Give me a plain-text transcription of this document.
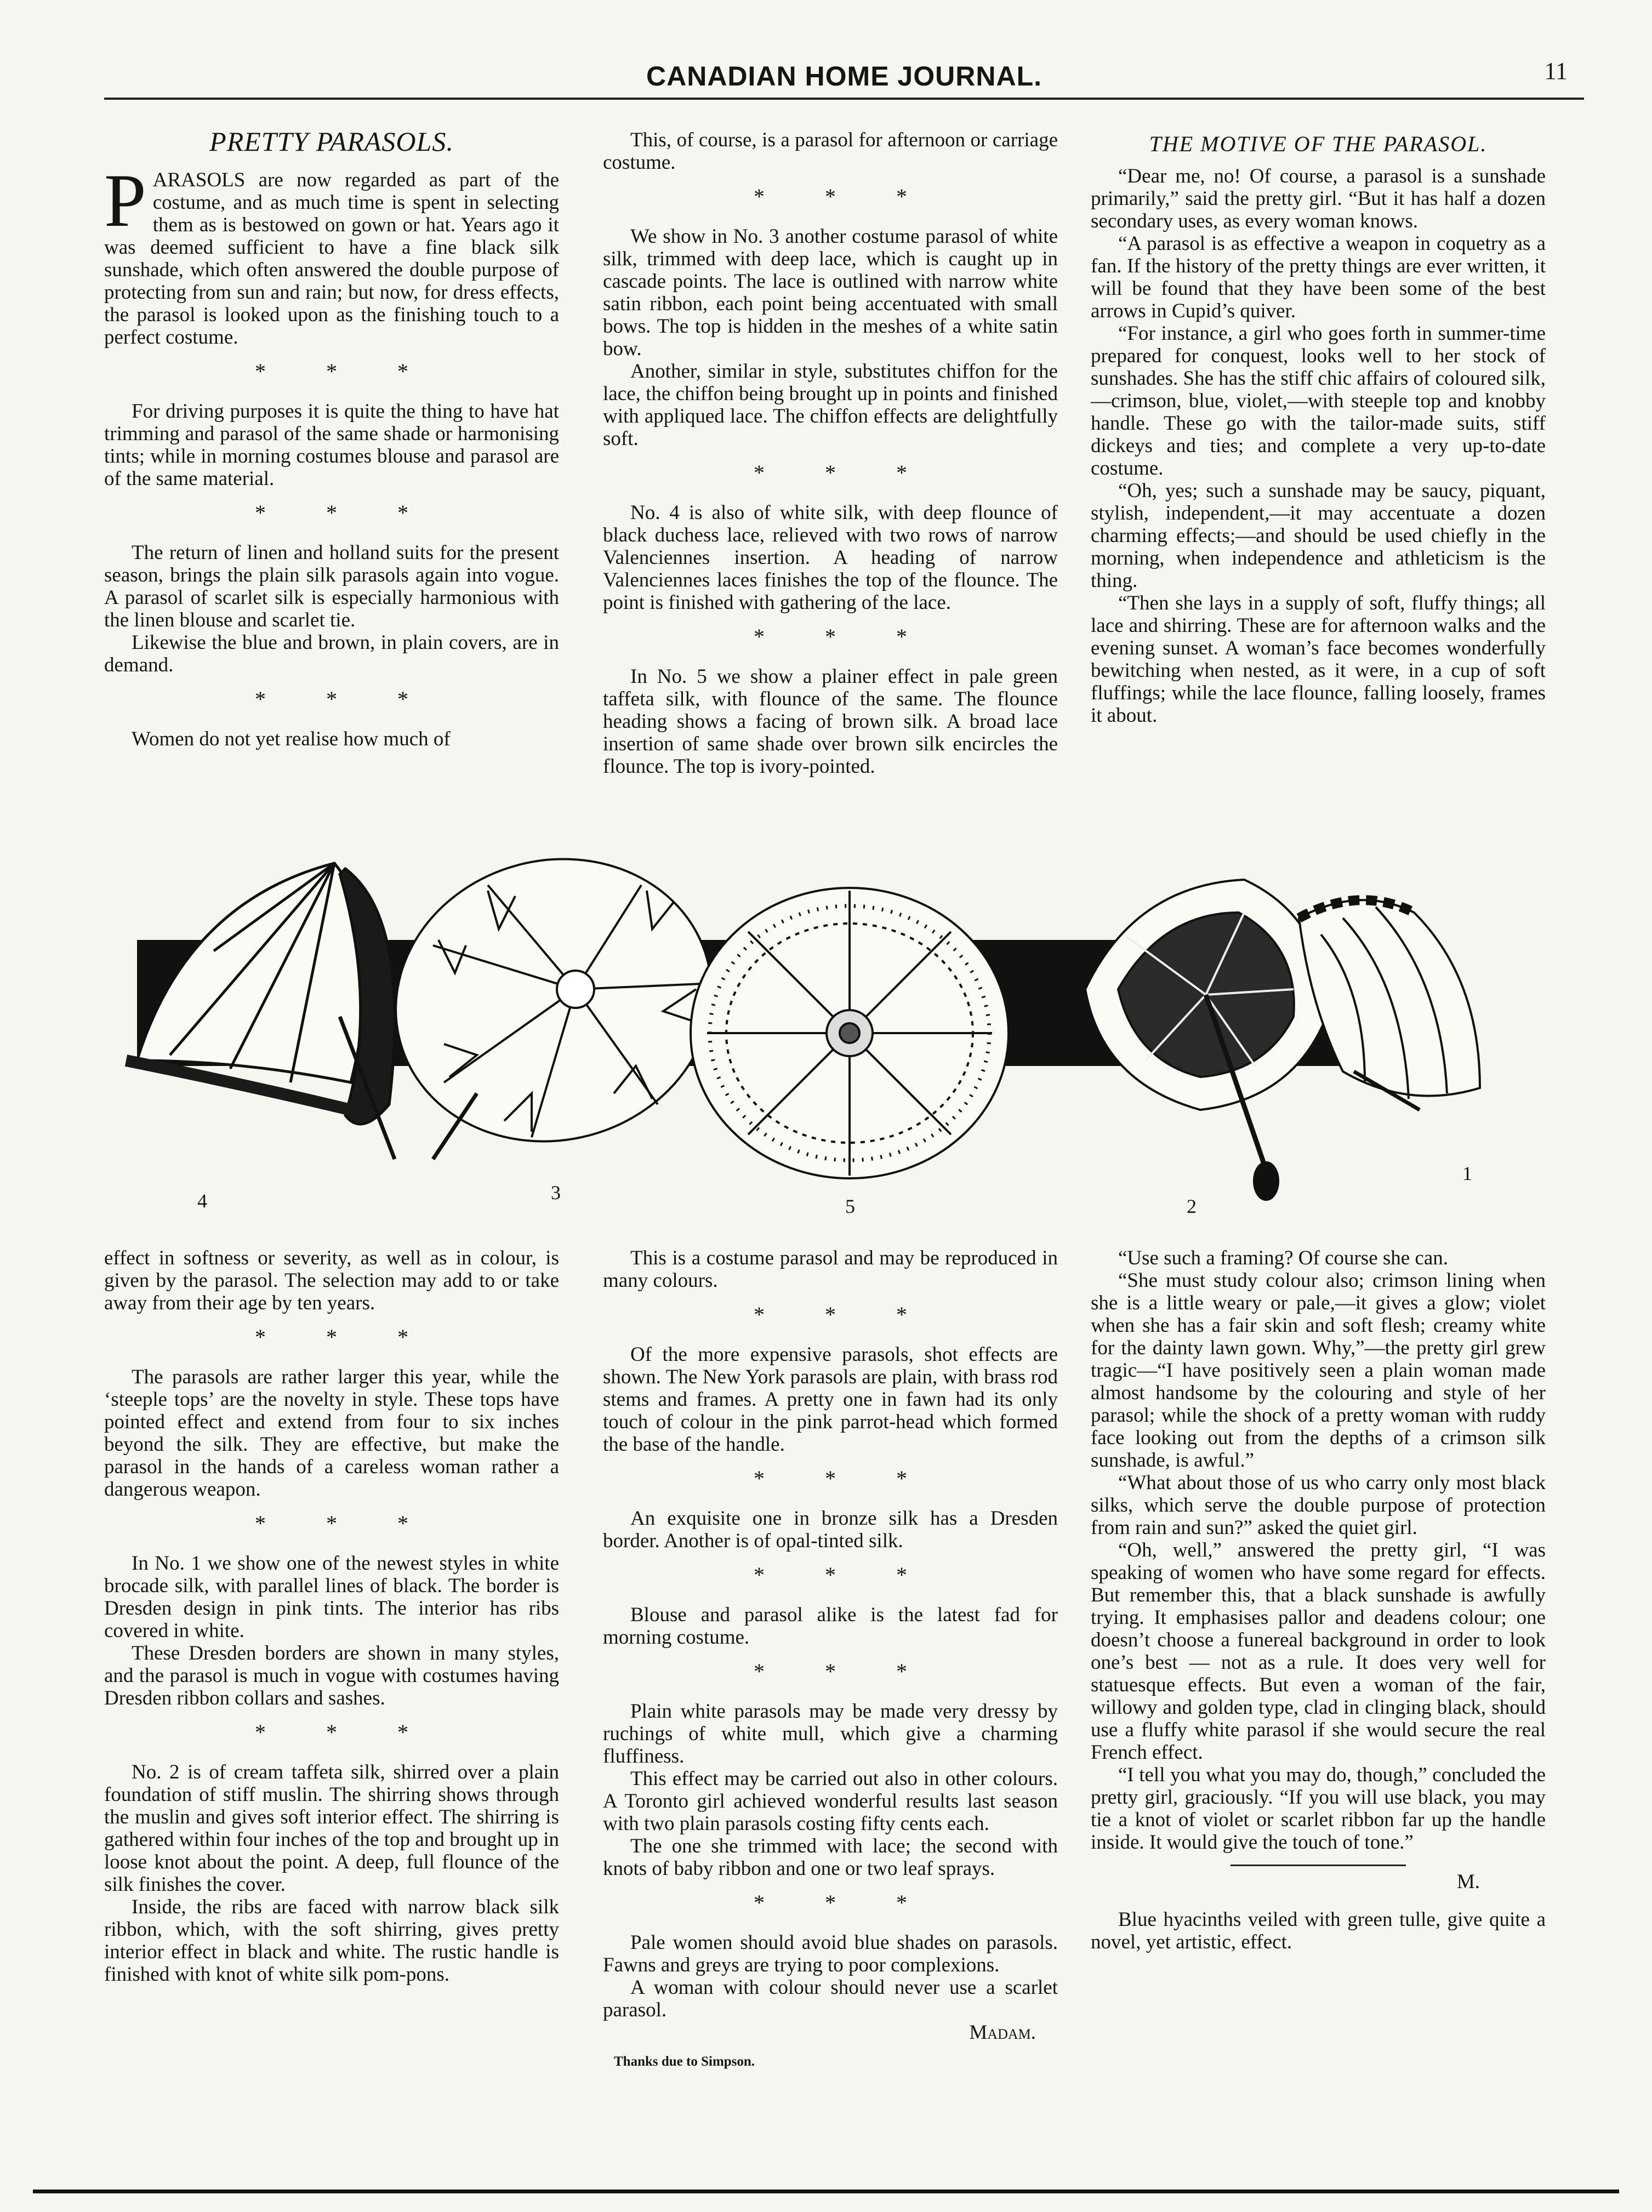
CANADIAN HOME JOURNAL.	11
PRETTY PARASOLS.

PARASOLS are now regarded as part of the costume, and as much time is spent in selecting them as is bestowed on gown or hat. Years ago it was deemed sufficient to have a fine black silk sunshade, which often answered the double purpose of protecting from sun and rain; but now, for dress effects, the parasol is looked upon as the finishing touch to a perfect costume.

* * *

For driving purposes it is quite the thing to have hat trimming and parasol of the same shade or harmonising tints; while in morning costumes blouse and parasol are of the same material.

* * *

The return of linen and holland suits for the present season, brings the plain silk parasols again into vogue. A parasol of scarlet silk is especially harmonious with the linen blouse and scarlet tie.

Likewise the blue and brown, in plain covers, are in demand.

* * *

Women do not yet realise how much of

This, of course, is a parasol for afternoon or carriage costume.

* * *

We show in No. 3 another costume parasol of white silk, trimmed with deep lace, which is caught up in cascade points. The lace is outlined with narrow white satin ribbon, each point being accentuated with small bows. The top is hidden in the meshes of a white satin bow.

Another, similar in style, substitutes chiffon for the lace, the chiffon being brought up in points and finished with appliqued lace. The chiffon effects are delightfully soft.

* * *

No. 4 is also of white silk, with deep flounce of black duchess lace, relieved with two rows of narrow Valenciennes insertion. A heading of narrow Valenciennes laces finishes the top of the flounce. The point is finished with gathering of the lace.

* * *

In No. 5 we show a plainer effect in pale green taffeta silk, with flounce of the same. The flounce heading shows a facing of brown silk. A broad lace insertion of same shade over brown silk encircles the flounce. The top is ivory-pointed.

THE MOTIVE OF THE PARASOL.

“Dear me, no! Of course, a parasol is a sunshade primarily,” said the pretty girl. “But it has half a dozen secondary uses, as every woman knows.

“A parasol is as effective a weapon in coquetry as a fan. If the history of the pretty things are ever written, it will be found that they have been some of the best arrows in Cupid’s quiver.

“For instance, a girl who goes forth in summer-time prepared for conquest, looks well to her stock of sunshades. She has the stiff chic affairs of coloured silk,—crimson, blue, violet,—with steeple top and knobby handle. These go with the tailor-made suits, stiff dickeys and ties; and complete a very up-to-date costume.

“Oh, yes; such a sunshade may be saucy, piquant, stylish, independent,—it may accentuate a dozen charming effects;—and should be used chiefly in the morning, when independence and athleticism is the thing.

“Then she lays in a supply of soft, fluffy things; all lace and shirring. These are for afternoon walks and the evening sunset. A woman’s face becomes wonderfully bewitching when nested, as it were, in a cup of soft fluffings; while the lace flounce, falling loosely, frames it about.

4	3
5	2
1

effect in softness or severity, as well as in colour, is given by the parasol. The selection may add to or take away from their age by ten years.

* * *

The parasols are rather larger this year, while the ‘steeple tops’ are the novelty in style. These tops have pointed effect and extend from four to six inches beyond the silk. They are effective, but make the parasol in the hands of a careless woman rather a dangerous weapon.

* * *

In No. 1 we show one of the newest styles in white brocade silk, with parallel lines of black. The border is Dresden design in pink tints. The interior has ribs covered in white.

These Dresden borders are shown in many styles, and the parasol is much in vogue with costumes having Dresden ribbon collars and sashes.

* * *

No. 2 is of cream taffeta silk, shirred over a plain foundation of stiff muslin. The shirring shows through the muslin and gives soft interior effect. The shirring is gathered within four inches of the top and brought up in loose knot about the point. A deep, full flounce of the silk finishes the cover.

Inside, the ribs are faced with narrow black silk ribbon, which, with the soft shirring, gives pretty interior effect in black and white. The rustic handle is finished with knot of white silk pom-pons.

This is a costume parasol and may be reproduced in many colours.

* * *

Of the more expensive parasols, shot effects are shown. The New York parasols are plain, with brass rod stems and frames. A pretty one in fawn had its only touch of colour in the pink parrot-head which formed the base of the handle.

* * *

An exquisite one in bronze silk has a Dresden border. Another is of opal-tinted silk.

* * *

Blouse and parasol alike is the latest fad for morning costume.

* * *

Plain white parasols may be made very dressy by ruchings of white mull, which give a charming fluffiness.

This effect may be carried out also in other colours. A Toronto girl achieved wonderful results last season with two plain parasols costing fifty cents each.

The one she trimmed with lace; the second with knots of baby ribbon and one or two leaf sprays.

* * *

Pale women should avoid blue shades on parasols. Fawns and greys are trying to poor complexions.

A woman with colour should never use a scarlet parasol.

Madam.
Thanks due to Simpson.

“Use such a framing? Of course she can.

“She must study colour also; crimson lining when she is a little weary or pale,—it gives a glow; violet when she has a fair skin and soft flesh; creamy white for the dainty lawn gown. Why,”—the pretty girl grew tragic—“I have positively seen a plain woman made almost handsome by the colouring and style of her parasol; while the shock of a pretty woman with ruddy face looking out from the depths of a crimson silk sunshade, is awful.”

“What about those of us who carry only most black silks, which serve the double purpose of protection from rain and sun?” asked the quiet girl.

“Oh, well,” answered the pretty girl, “I was speaking of women who have some regard for effects. But remember this, that a black sunshade is awfully trying. It emphasises pallor and deadens colour; one doesn’t choose a funereal background in order to look one’s best — not as a rule. It does very well for statuesque effects. But even a woman of the fair, willowy and golden type, clad in clinging black, should use a fluffy white parasol if she would secure the real French effect.

“I tell you what you may do, though,” concluded the pretty girl, graciously. “If you will use black, you may tie a knot of violet or scarlet ribbon far up the handle inside. It would give the touch of tone.”

M.

Blue hyacinths veiled with green tulle, give quite a novel, yet artistic, effect.
